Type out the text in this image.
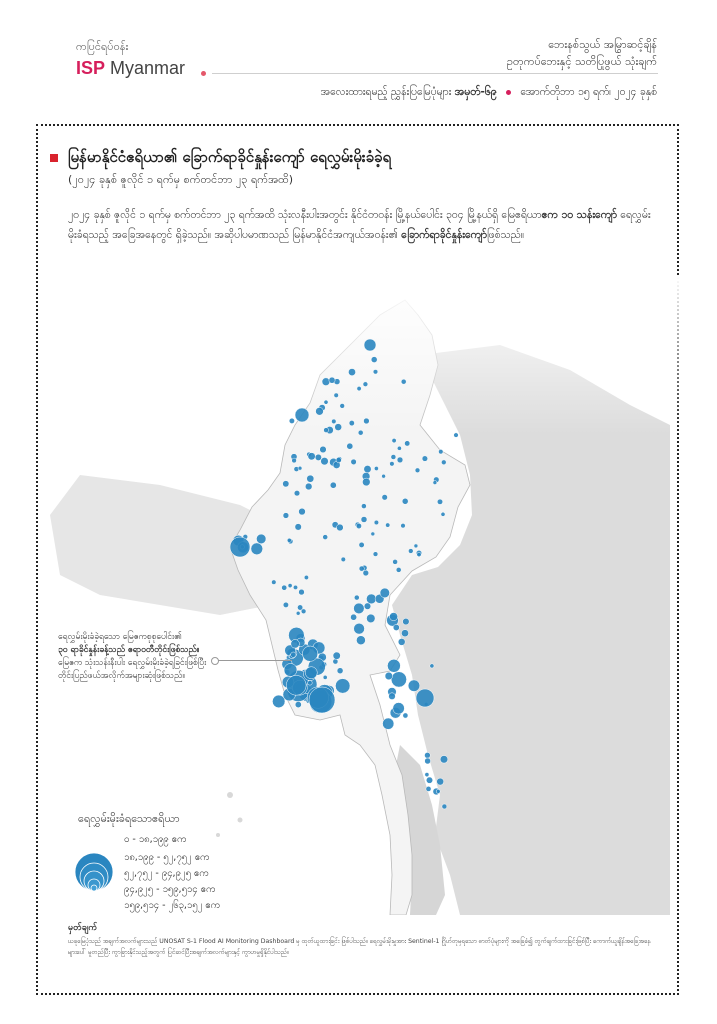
ကပြင်ရပ်ဝန်း
ISP Myanmar
ဘေးနစ်သွယ် အမြွာဆင့်ချိန်
ဥတုကပ်ဘေးနှင့် သတိပြုဖွယ် သုံးချက်
အလေးထားရမည့် ညွှန်းပြမြေပုံများ အမှတ်-၆၉ အောက်တိုဘာ ၁၅ ရက်၊ ၂၀၂၄ ခုနှစ်
မြန်မာနိုင်ငံဧရိယာ၏ ခြောက်ရာခိုင်နှုန်းကျော် ရေလွှမ်းမိုးခံခဲ့ရ
(၂၀၂၄ ခုနှစ် ဇူလိုင် ၁ ရက်မှ စက်တင်ဘာ ၂၃ ရက်အထိ)
၂၀၂၄ ခုနှစ် ဇူလိုင် ၁ ရက်မှ စက်တင်ဘာ ၂၃ ရက်အထိ သုံးလနီးပါးအတွင်း နိုင်ငံတဝန်း မြို့နယ်ပေါင်း ၃၀၄ မြို့နယ်ရှိ မြေဧရိယာဧက ၁၀ သန်းကျော် ရေလွှမ်းမိုးခံရသည့် အခြေအနေတွင် ရှိခဲ့သည်။ အဆိုပါပမာဏသည် မြန်မာနိုင်ငံအကျယ်အဝန်း၏ ခြောက်ရာခိုင်နှုန်းကျော်ဖြစ်သည်။
ရေလွှမ်းမိုးခံခဲ့ရသော မြေဧကစုစုပေါင်း၏
၃၀ ရာခိုင်နှုန်းခန့်သည် ဧရာဝတီတိုင်းဖြစ်သည်။
မြေဧက သုံးသန်းနီးပါး ရေလွှမ်းမိုးခံခဲ့ရခြင်းဖြစ်ပြီး
တိုင်းပြည်ဖယ်အလိုက်အများဆုံးဖြစ်သည်။
ရေလွှမ်းမိုးခံရသောဧရိယာ
၀ - ၁၈,၁၉၉ ဧက
၁၈,၁၉၉ - ၅၂,၇၅၂ ဧက
၅၂,၇၅၂ - ၉၄,၉၂၅ ဧက
၉၄,၉၂၅ - ၁၅၉,၅၁၄ ဧက
၁၅၉,၅၁၄ - ၂၆၃,၁၅၂ ဧက
မှတ်ချက်
ယခုမြေပုံသည် အချက်အလက်များသည် UNOSAT S-1 Flood AI Monitoring Dashboard မှ ထုတ်ယူထားခြင်း ဖြစ်ပါသည်။ ရေလွှမ်းမိုးမှုအား Sentinel-1 ဂြိုဟ်တုမှရသော ဓာတ်ပုံများကို အခြေခံ၍ တွက်ချက်ထားခြင်းဖြစ်ပြီး ကောက်ယူချိန်အခြေအနေများပေါ် မူတည်ပြီး ကွာခြားနိုင်သည့်အတွက် ပြင်ဆင်ပြီးအချက်အလက်များနှင့် ကွာဟမှုရှိနိုင်ပါသည်။
